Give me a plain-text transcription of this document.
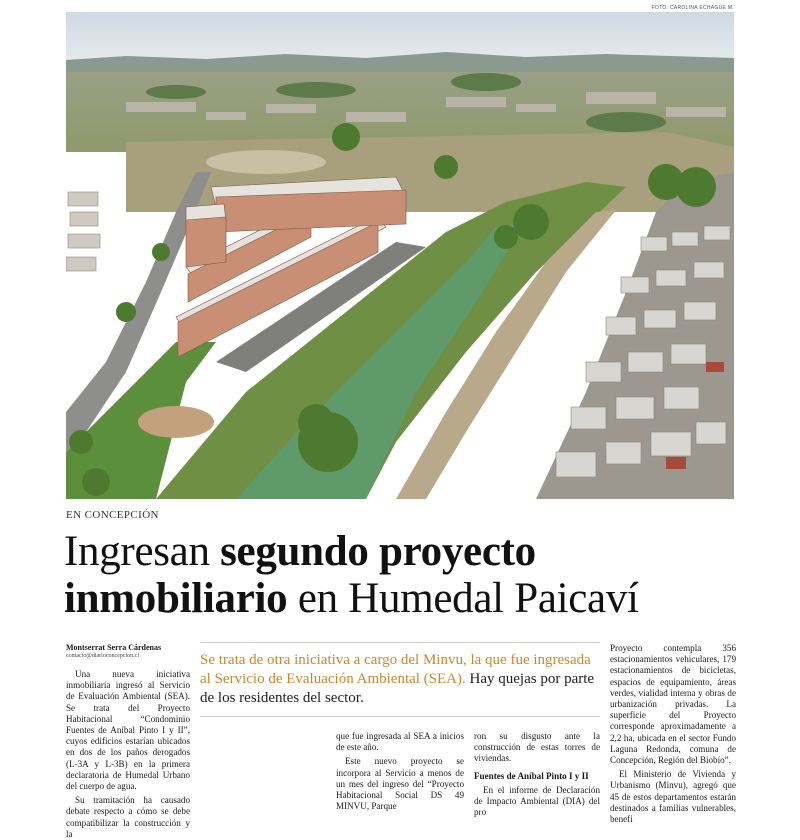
FOTO: CAROLINA ECHAGÜE M.
EN CONCEPCIÓN
Ingresan segundo proyecto
inmobiliario en Humedal Paicaví
Montserrat Serra Cárdenas
contacto@diarioconcepcion.cl

Una nueva iniciativa inmobiliaria ingresó al Servicio de Evaluación Ambiental (SEA). Se trata del Proyecto Habitacional “Condominio Fuentes de Aníbal Pinto I y II”, cuyos edificios estarían ubicados en dos de los paños derogados (L-3A y L-3B) en la primera declaratoria de Humedal Urbano del cuerpo de agua.

Su tramitación ha causado debate respecto a cómo se debe compatibilizar la construcción y la

Se trata de otra iniciativa a cargo del Minvu, la que fue ingresada al Servicio de Evaluación Ambiental (SEA). Hay quejas por parte de los residentes del sector.

que fue ingresada al SEA a inicios de este año.

Este nuevo proyecto se incorpora al Servicio a menos de un mes del ingreso del “Proyecto Habitacional Social DS 49 MINVU, Parque

ron su disgusto ante la construcción de estas torres de viviendas.

Fuentes de Aníbal Pinto I y II

En el informe de Declaración de Impacto Ambiental (DIA) del pro

Proyecto contempla 356 estacionamientos vehiculares, 179 estacionamientos de bicicletas, espacios de equipamiento, áreas verdes, vialidad interna y obras de urbanización privadas. La superficie del Proyecto corresponde aproximadamente a 2,2 ha, ubicada en el sector Fundo Laguna Redonda, comuna de Concepción, Región del Biobío”.

El Ministerio de Vivienda y Urbanismo (Minvu), agregó que 45 de estos departamentos estarán destinados a familias vulnerables, benefi
